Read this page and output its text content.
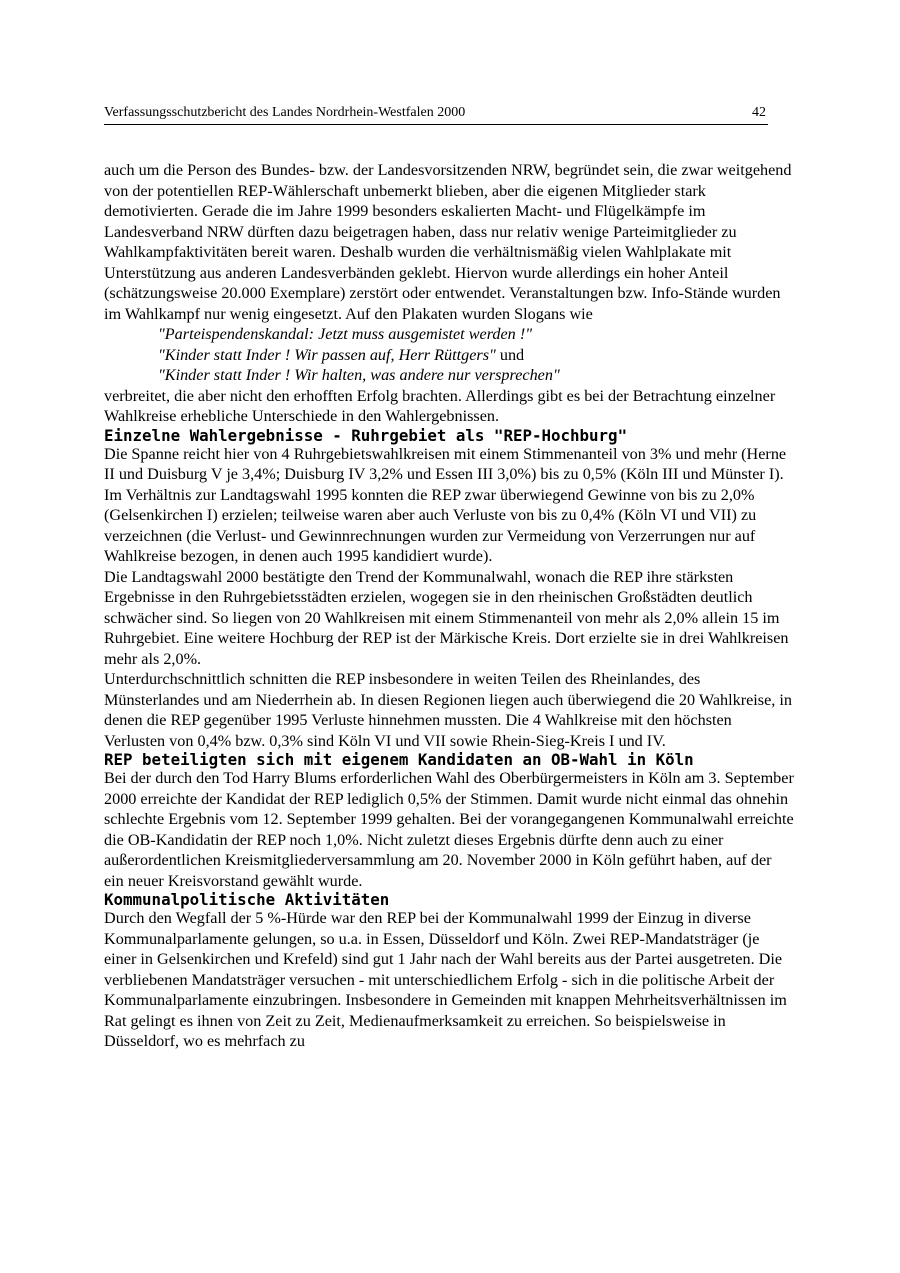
Verfassungsschutzbericht des Landes Nordrhein-Westfalen 2000	42

auch um die Person des Bundes- bzw. der Landesvorsitzenden NRW, begründet sein, die zwar weitgehend von der potentiellen REP-Wählerschaft unbemerkt blieben, aber die eigenen Mitglieder stark demotivierten. Gerade die im Jahre 1999 besonders eskalierten Macht- und Flügelkämpfe im Landesverband NRW dürften dazu beigetragen haben, dass nur relativ wenige Parteimitglieder zu Wahlkampfaktivitäten bereit waren. Deshalb wurden die verhältnismäßig vielen Wahlplakate mit Unterstützung aus anderen Landesverbänden geklebt. Hiervon wurde allerdings ein hoher Anteil (schätzungsweise 20.000 Exemplare) zerstört oder entwendet. Veranstaltungen bzw. Info-Stände wurden im Wahlkampf nur wenig eingesetzt. Auf den Plakaten wurden Slogans wie

"Parteispendenskandal: Jetzt muss ausgemistet werden !"

"Kinder statt Inder ! Wir passen auf, Herr Rüttgers" und

"Kinder statt Inder ! Wir halten, was andere nur versprechen"

verbreitet, die aber nicht den erhofften Erfolg brachten. Allerdings gibt es bei der Betrachtung einzelner Wahlkreise erhebliche Unterschiede in den Wahlergebnissen.

Einzelne Wahlergebnisse - Ruhrgebiet als "REP-Hochburg"

Die Spanne reicht hier von 4 Ruhrgebietswahlkreisen mit einem Stimmenanteil von 3% und mehr (Herne II und Duisburg V je 3,4%; Duisburg IV 3,2% und Essen III 3,0%) bis zu 0,5% (Köln III und Münster I). Im Verhältnis zur Landtagswahl 1995 konnten die REP zwar überwiegend Gewinne von bis zu 2,0% (Gelsenkirchen I) erzielen; teilweise waren aber auch Verluste von bis zu 0,4% (Köln VI und VII) zu verzeichnen (die Verlust- und Gewinnrechnungen wurden zur Vermeidung von Verzerrungen nur auf Wahlkreise bezogen, in denen auch 1995 kandidiert wurde).

Die Landtagswahl 2000 bestätigte den Trend der Kommunalwahl, wonach die REP ihre stärksten Ergebnisse in den Ruhrgebietsstädten erzielen, wogegen sie in den rheinischen Großstädten deutlich schwächer sind. So liegen von 20 Wahlkreisen mit einem Stimmenanteil von mehr als 2,0% allein 15 im Ruhrgebiet. Eine weitere Hochburg der REP ist der Märkische Kreis. Dort erzielte sie in drei Wahlkreisen mehr als 2,0%.

Unterdurchschnittlich schnitten die REP insbesondere in weiten Teilen des Rheinlandes, des Münsterlandes und am Niederrhein ab. In diesen Regionen liegen auch überwiegend die 20 Wahlkreise, in denen die REP gegenüber 1995 Verluste hinnehmen mussten. Die 4 Wahlkreise mit den höchsten Verlusten von 0,4% bzw. 0,3% sind Köln VI und VII sowie Rhein-Sieg-Kreis I und IV.

REP beteiligten sich mit eigenem Kandidaten an OB-Wahl in Köln

Bei der durch den Tod Harry Blums erforderlichen Wahl des Oberbürgermeisters in Köln am 3. September 2000 erreichte der Kandidat der REP lediglich 0,5% der Stimmen. Damit wurde nicht einmal das ohnehin schlechte Ergebnis vom 12. September 1999 gehalten. Bei der vorangegangenen Kommunalwahl erreichte die OB-Kandidatin der REP noch 1,0%. Nicht zuletzt dieses Ergebnis dürfte denn auch zu einer außerordentlichen Kreismitgliederversammlung am 20. November 2000 in Köln geführt haben, auf der ein neuer Kreisvorstand gewählt wurde.

Kommunalpolitische Aktivitäten

Durch den Wegfall der 5 %-Hürde war den REP bei der Kommunalwahl 1999 der Einzug in diverse Kommunalparlamente gelungen, so u.a. in Essen, Düsseldorf und Köln. Zwei REP-Mandatsträger (je einer in Gelsenkirchen und Krefeld) sind gut 1 Jahr nach der Wahl bereits aus der Partei ausgetreten. Die verbliebenen Mandatsträger versuchen - mit unterschiedlichem Erfolg - sich in die politische Arbeit der Kommunalparlamente einzubringen. Insbesondere in Gemeinden mit knappen Mehrheitsverhältnissen im Rat gelingt es ihnen von Zeit zu Zeit, Medienaufmerksamkeit zu erreichen. So beispielsweise in Düsseldorf, wo es mehrfach zu
